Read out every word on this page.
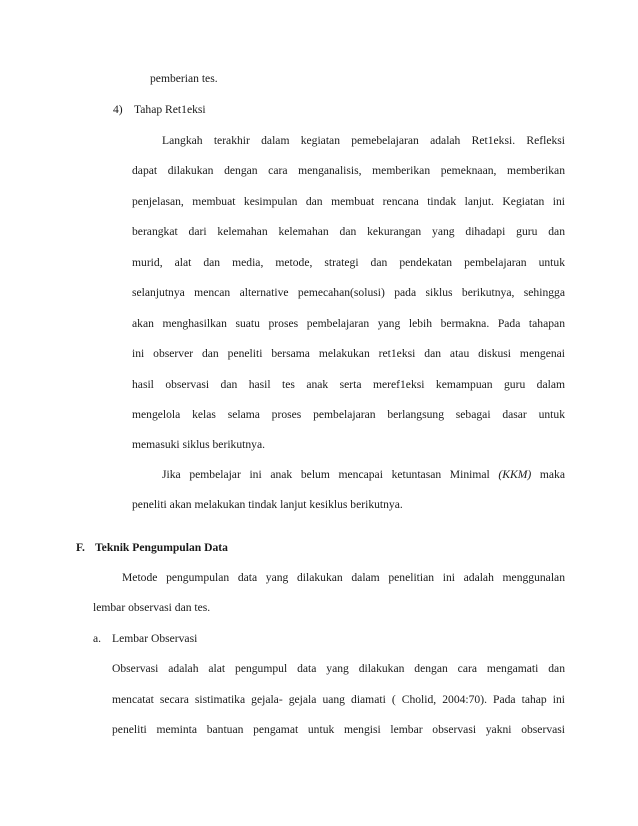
pemberian tes.
4) Tahap Ret1eksi
Langkah terakhir dalam kegiatan pemebelajaran adalah Ret1eksi. Refleksi
dapat dilakukan dengan cara menganalisis, memberikan pemeknaan, memberikan
penjelasan, membuat kesimpulan dan membuat rencana tindak lanjut. Kegiatan ini
berangkat dari kelemahan kelemahan dan kekurangan yang dihadapi guru dan
murid, alat dan media, metode, strategi dan pendekatan pembelajaran untuk
selanjutnya mencan alternative pemecahan(solusi) pada siklus berikutnya, sehingga
akan menghasilkan suatu proses pembelajaran yang lebih bermakna. Pada tahapan
ini observer dan peneliti bersama melakukan ret1eksi dan atau diskusi mengenai
hasil observasi dan hasil tes anak serta meref1eksi kemampuan guru dalam
mengelola kelas selama proses pembelajaran berlangsung sebagai dasar untuk
memasuki siklus berikutnya.
Jika pembelajar ini anak belum mencapai ketuntasan Minimal (KKM) maka
peneliti akan melakukan tindak lanjut kesiklus berikutnya.
F. Teknik Pengumpulan Data
Metode pengumpulan data yang dilakukan dalam penelitian ini adalah menggunalan
lembar observasi dan tes.
a. Lembar Observasi
Observasi adalah alat pengumpul data yang dilakukan dengan cara mengamati dan
mencatat secara sistimatika gejala- gejala uang diamati ( Cholid, 2004:70). Pada tahap ini
peneliti meminta bantuan pengamat untuk mengisi lembar observasi yakni observasi
